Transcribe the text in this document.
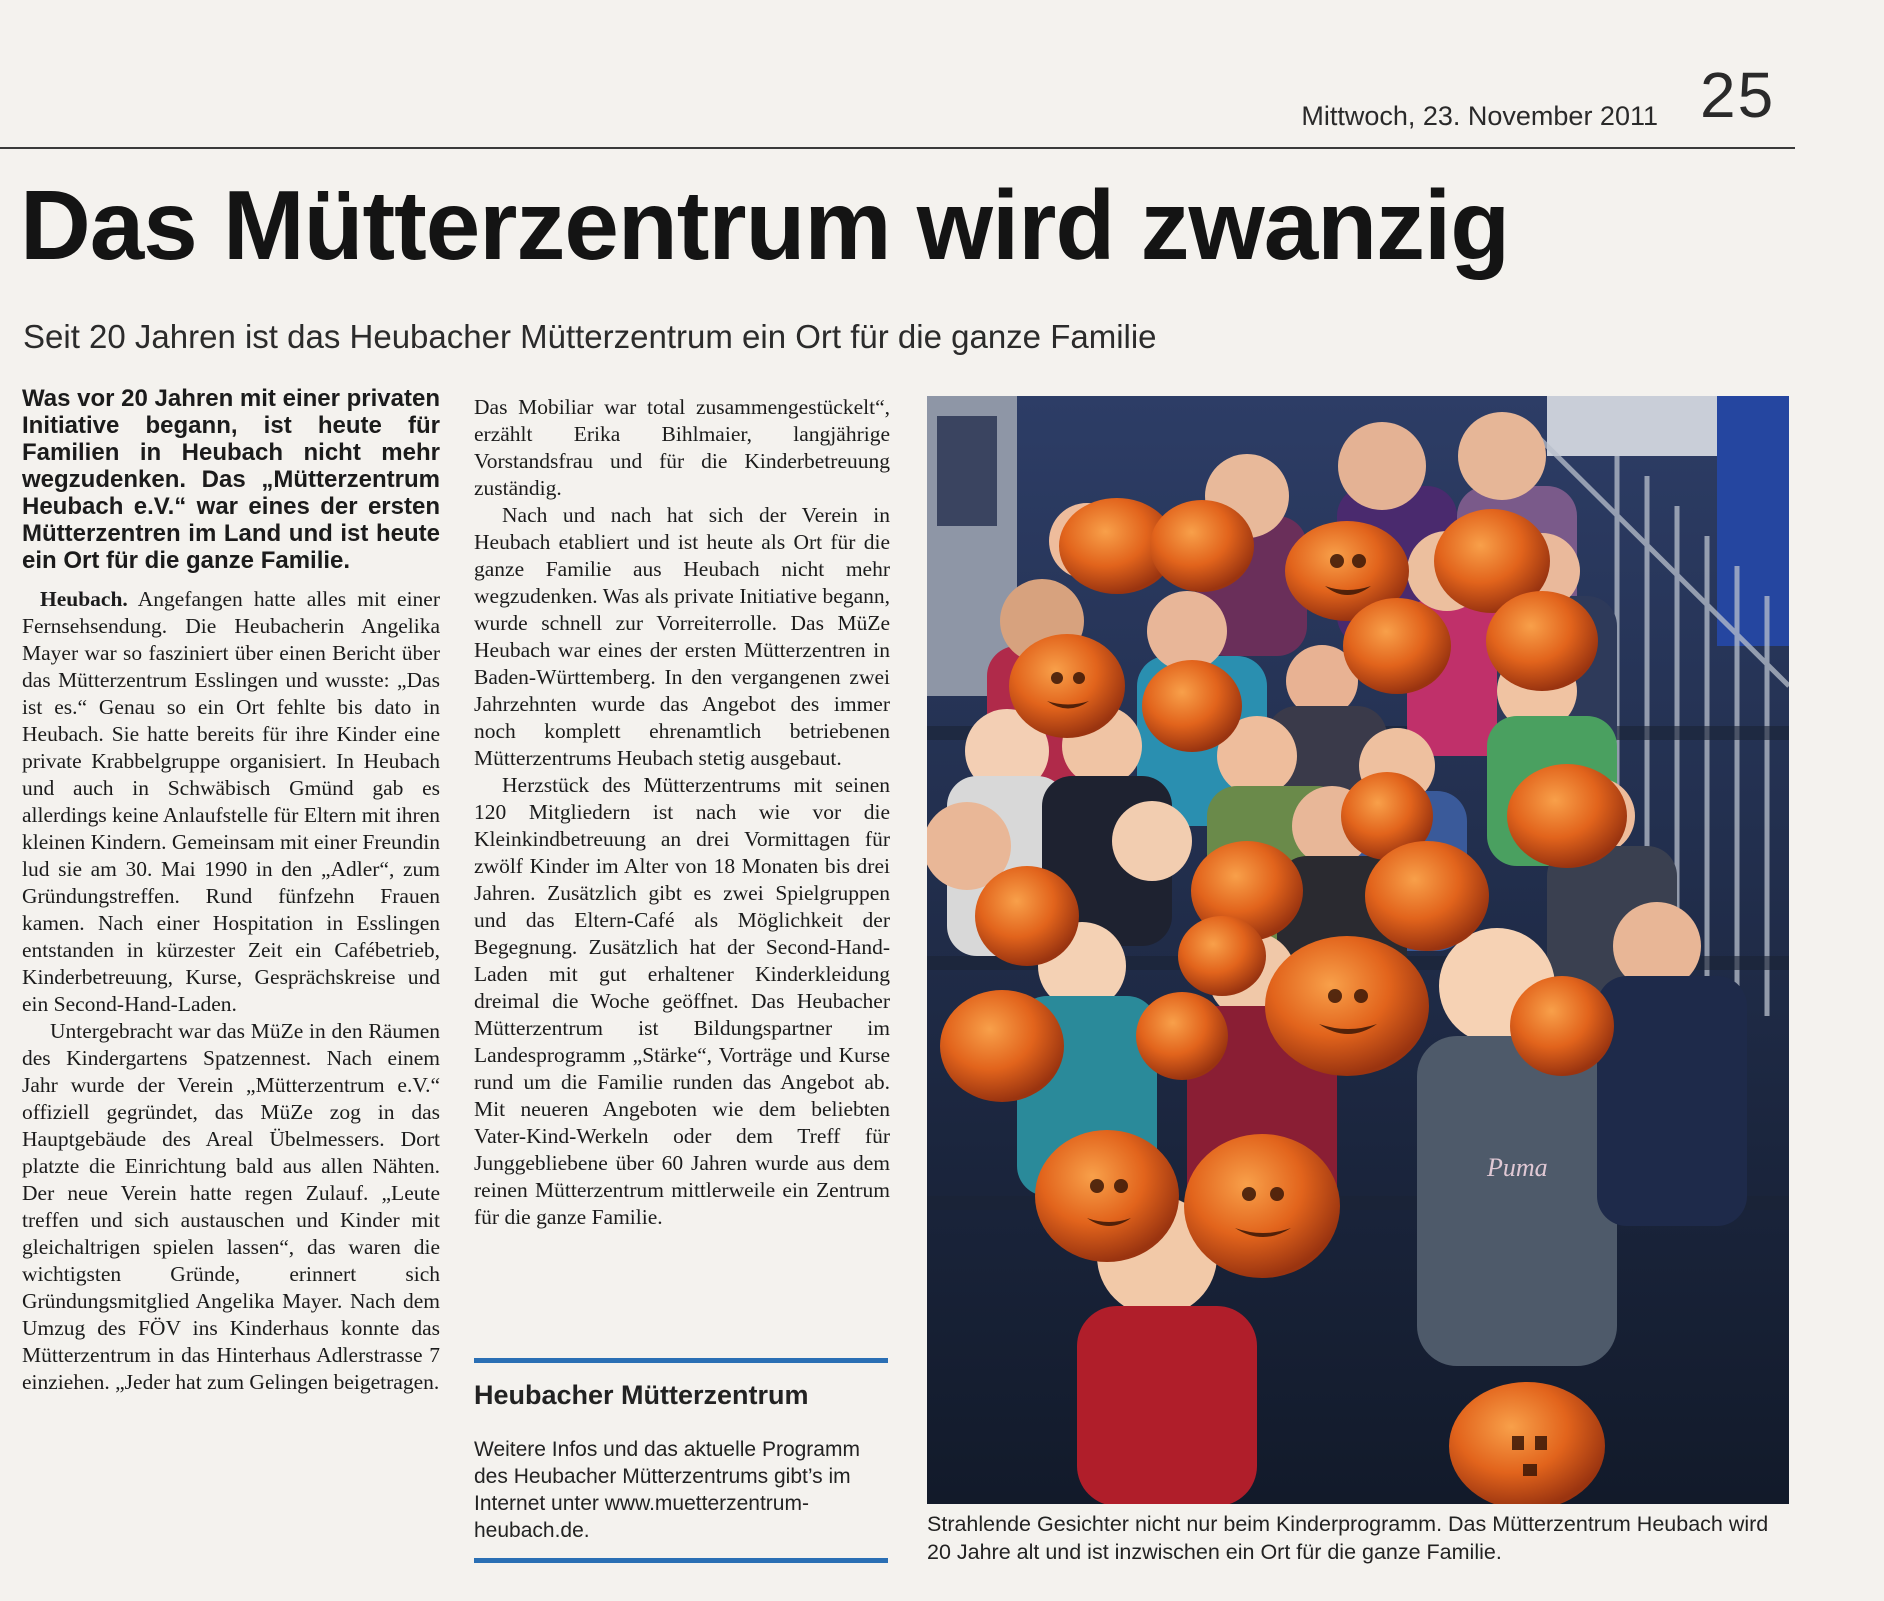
Mittwoch, 23. November 2011 25
Das Mütterzentrum wird zwanzig
Seit 20 Jahren ist das Heubacher Mütterzentrum ein Ort für die ganze Familie
Was vor 20 Jahren mit einer privaten Initiative begann, ist heute für Familien in Heubach nicht mehr wegzudenken. Das „Mütterzentrum Heubach e.V.“ war eines der ersten Mütterzentren im Land und ist heute ein Ort für die ganze Familie.

Heubach. Angefangen hatte alles mit einer Fernsehsendung. Die Heubacherin Angelika Mayer war so fasziniert über einen Bericht über das Mütterzentrum Esslingen und wusste: „Das ist es.“ Genau so ein Ort fehlte bis dato in Heubach. Sie hatte bereits für ihre Kinder eine private Krabbelgruppe organisiert. In Heubach und auch in Schwäbisch Gmünd gab es allerdings keine Anlaufstelle für Eltern mit ihren kleinen Kindern. Gemeinsam mit einer Freundin lud sie am 30. Mai 1990 in den „Adler“, zum Gründungstreffen. Rund fünfzehn Frauen kamen. Nach einer Hospitation in Esslingen entstanden in kürzester Zeit ein Cafébetrieb, Kinderbetreuung, Kurse, Gesprächskreise und ein Second-Hand-Laden.

Untergebracht war das MüZe in den Räumen des Kindergartens Spatzennest. Nach einem Jahr wurde der Verein „Mütterzentrum e.V.“ offiziell gegründet, das MüZe zog in das Hauptgebäude des Areal Übelmessers. Dort platzte die Einrichtung bald aus allen Nähten. Der neue Verein hatte regen Zulauf. „Leute treffen und sich austauschen und Kinder mit gleichaltrigen spielen lassen“, das waren die wichtigsten Gründe, erinnert sich Gründungsmitglied Angelika Mayer. Nach dem Umzug des FÖV ins Kinderhaus konnte das Mütterzentrum in das Hinterhaus Adlerstrasse 7 einziehen. „Jeder hat zum Gelingen beigetragen.

Das Mobiliar war total zusammengestückelt“, erzählt Erika Bihlmaier, langjährige Vorstandsfrau und für die Kinderbetreuung zuständig.

Nach und nach hat sich der Verein in Heubach etabliert und ist heute als Ort für die ganze Familie aus Heubach nicht mehr wegzudenken. Was als private Initiative begann, wurde schnell zur Vorreiterrolle. Das MüZe Heubach war eines der ersten Mütterzentren in Baden-Württemberg. In den vergangenen zwei Jahrzehnten wurde das Angebot des immer noch komplett ehrenamtlich betriebenen Mütterzentrums Heubach stetig ausgebaut.

Herzstück des Mütterzentrums mit seinen 120 Mitgliedern ist nach wie vor die Kleinkindbetreuung an drei Vormittagen für zwölf Kinder im Alter von 18 Monaten bis drei Jahren. Zusätzlich gibt es zwei Spielgruppen und das Eltern-Café als Möglichkeit der Begegnung. Zusätzlich hat der Second-Hand-Laden mit gut erhaltener Kinderkleidung dreimal die Woche geöffnet. Das Heubacher Mütterzentrum ist Bildungspartner im Landesprogramm „Stärke“, Vorträge und Kurse rund um die Familie runden das Angebot ab. Mit neueren Angeboten wie dem beliebten Vater-Kind-Werkeln oder dem Treff für Junggebliebene über 60 Jahren wurde aus dem reinen Mütterzentrum mittlerweile ein Zentrum für die ganze Familie.

Heubacher Mütterzentrum
Weitere Infos und das aktuelle Programm des Heubacher Mütterzentrums gibt’s im Internet unter www.muetterzentrum-heubach.de.
Puma
Strahlende Gesichter nicht nur beim Kinderprogramm. Das Mütterzentrum Heubach wird 20 Jahre alt und ist inzwischen ein Ort für die ganze Familie.
